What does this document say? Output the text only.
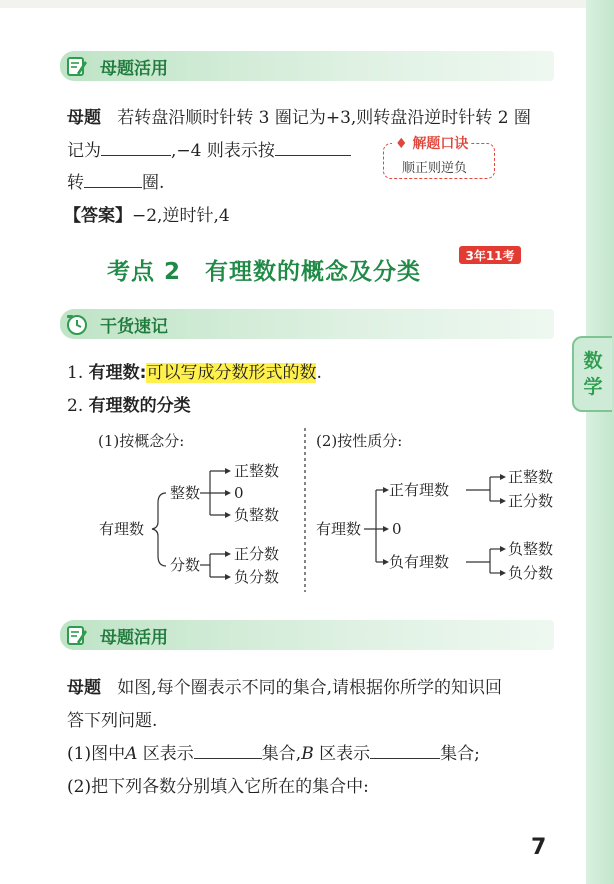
数
学
母题活用
母题 若转盘沿顺时针转 3 圈记为+3,则转盘沿逆时针转 2 圈
记为	,−4 则表示按
转	圈.
【答案】−2,逆时针,4
♦ 解题口诀
顺正则逆负
考点 2　有理数的概念及分类
3年11考
干货速记
1. 有理数:可以写成分数形式的数.
2. 有理数的分类
(1)按概念分:
有理数
整数
正整数
0
负整数
分数
正分数
负分数
(2)按性质分:
有理数
正有理数
正整数
正分数
0
负有理数
负整数
负分数
母题活用
母题 如图,每个圈表示不同的集合,请根据你所学的知识回
答下列问题.
(1)图中A 区表示	集合,B 区表示	集合;
(2)把下列各数分别填入它所在的集合中:
7
